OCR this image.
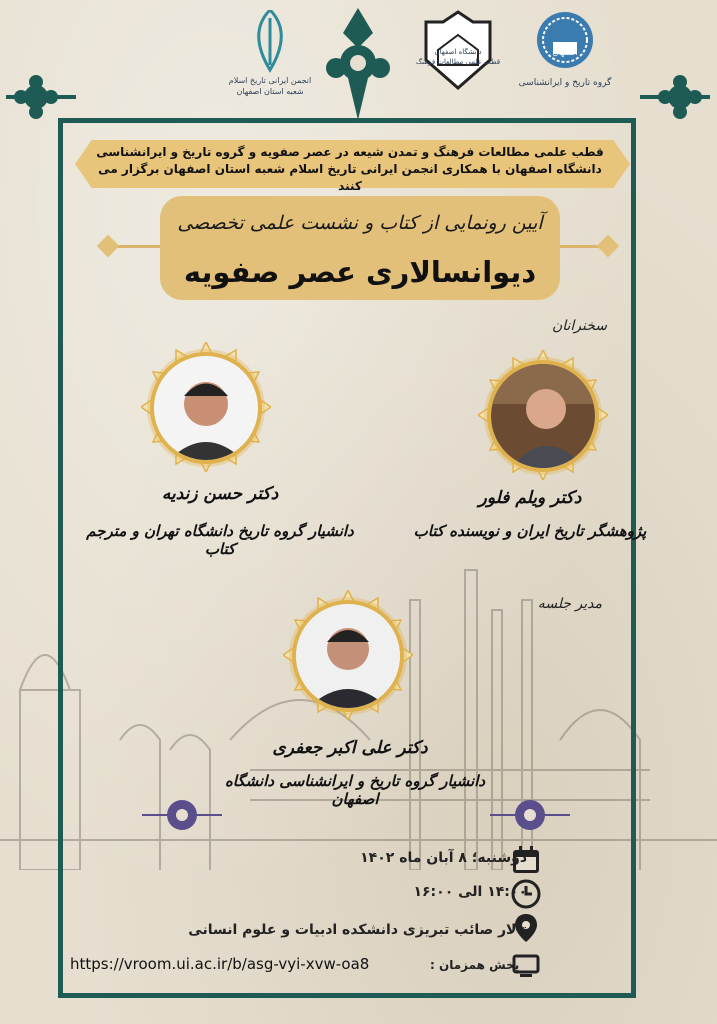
انجمن ایرانی تاریخ اسلام
شعبه استان اصفهان
دانشگاه اصفهان
قطب علمی مطالعات فرهنگ
اصفهان
گروه تاریخ و ایرانشناسی
قطب علمی مطالعات فرهنگ و تمدن شیعه در عصر صفویه و گروه تاریخ و ایرانشناسی
دانشگاه اصفهان با همکاری انجمن ایرانی تاریخ اسلام شعبه استان اصفهان برگزار می کنند
آیین رونمایی از کتاب و نشست علمی تخصصی
دیوانسالاری عصر صفویه
سخنرانان
دکتر ویلم فلور
پژوهشگر تاریخ ایران و نویسنده کتاب
دکتر حسن زندیه
دانشیار گروه تاریخ دانشگاه تهران و مترجم کتاب
مدیر جلسه
دکتر علی اکبر جعفری
دانشیار گروه تاریخ و ایرانشناسی دانشگاه اصفهان
دوشنبه؛ ۸ آبان ماه ۱۴۰۲
۱۴:۰۰ الی ۱۶:۰۰
تالار صائب تبریزی دانشکده ادبیات و علوم انسانی
پخش همزمان :
https://vroom.ui.ac.ir/b/asg-vyi-xvw-oa8
